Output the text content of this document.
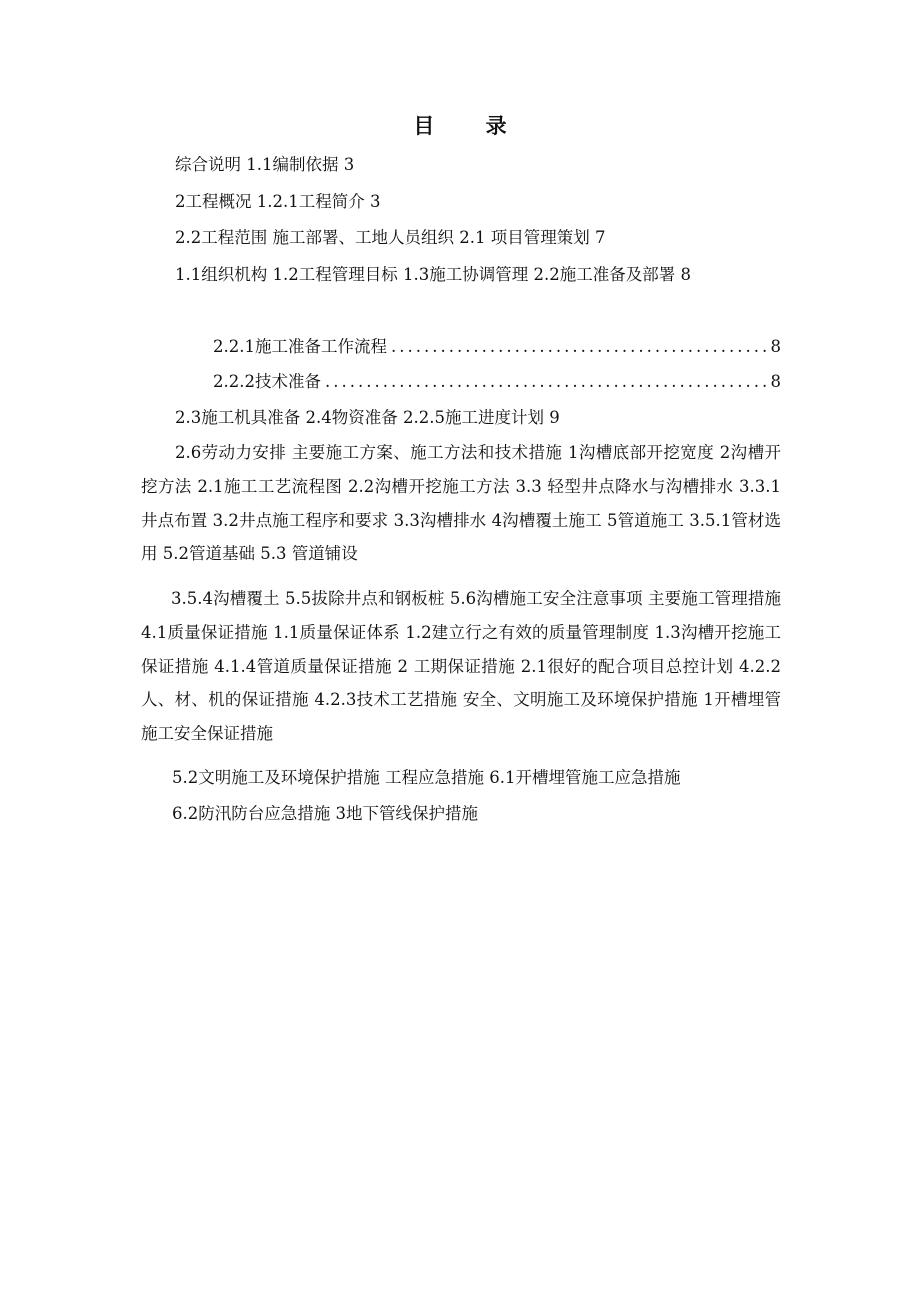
目 录
综合说明 1.1编制依据 3
2工程概况 1.2.1工程简介 3
2.2工程范围 施工部署、工地人员组织 2.1 项目管理策划 7

1.1组织机构 1.2工程管理目标 1.3施工协调管理 2.2施工准备及部署 8

2.2.1施工准备工作流程 .....	8
2.2.2技术准备 .....	8
2.3施工机具准备 2.4物资准备 2.2.5施工进度计划 9

2.6劳动力安排 主要施工方案、施工方法和技术措施 1沟槽底部开挖宽度 2沟槽开挖方法 2.1施工工艺流程图 2.2沟槽开挖施工方法 3.3 轻型井点降水与沟槽排水 3.3.1井点布置 3.2井点施工程序和要求 3.3沟槽排水 4沟槽覆土施工 5管道施工 3.5.1管材选用 5.2管道基础 5.3 管道铺设

3.5.4沟槽覆土 5.5拔除井点和钢板桩 5.6沟槽施工安全注意事项 主要施工管理措施 4.1质量保证措施 1.1质量保证体系 1.2建立行之有效的质量管理制度 1.3沟槽开挖施工保证措施 4.1.4管道质量保证措施 2 工期保证措施 2.1很好的配合项目总控计划 4.2.2人、材、机的保证措施 4.2.3技术工艺措施 安全、文明施工及环境保护措施 1开槽埋管施工安全保证措施

5.2文明施工及环境保护措施 工程应急措施 6.1开槽埋管施工应急措施
6.2防汛防台应急措施 3地下管线保护措施
